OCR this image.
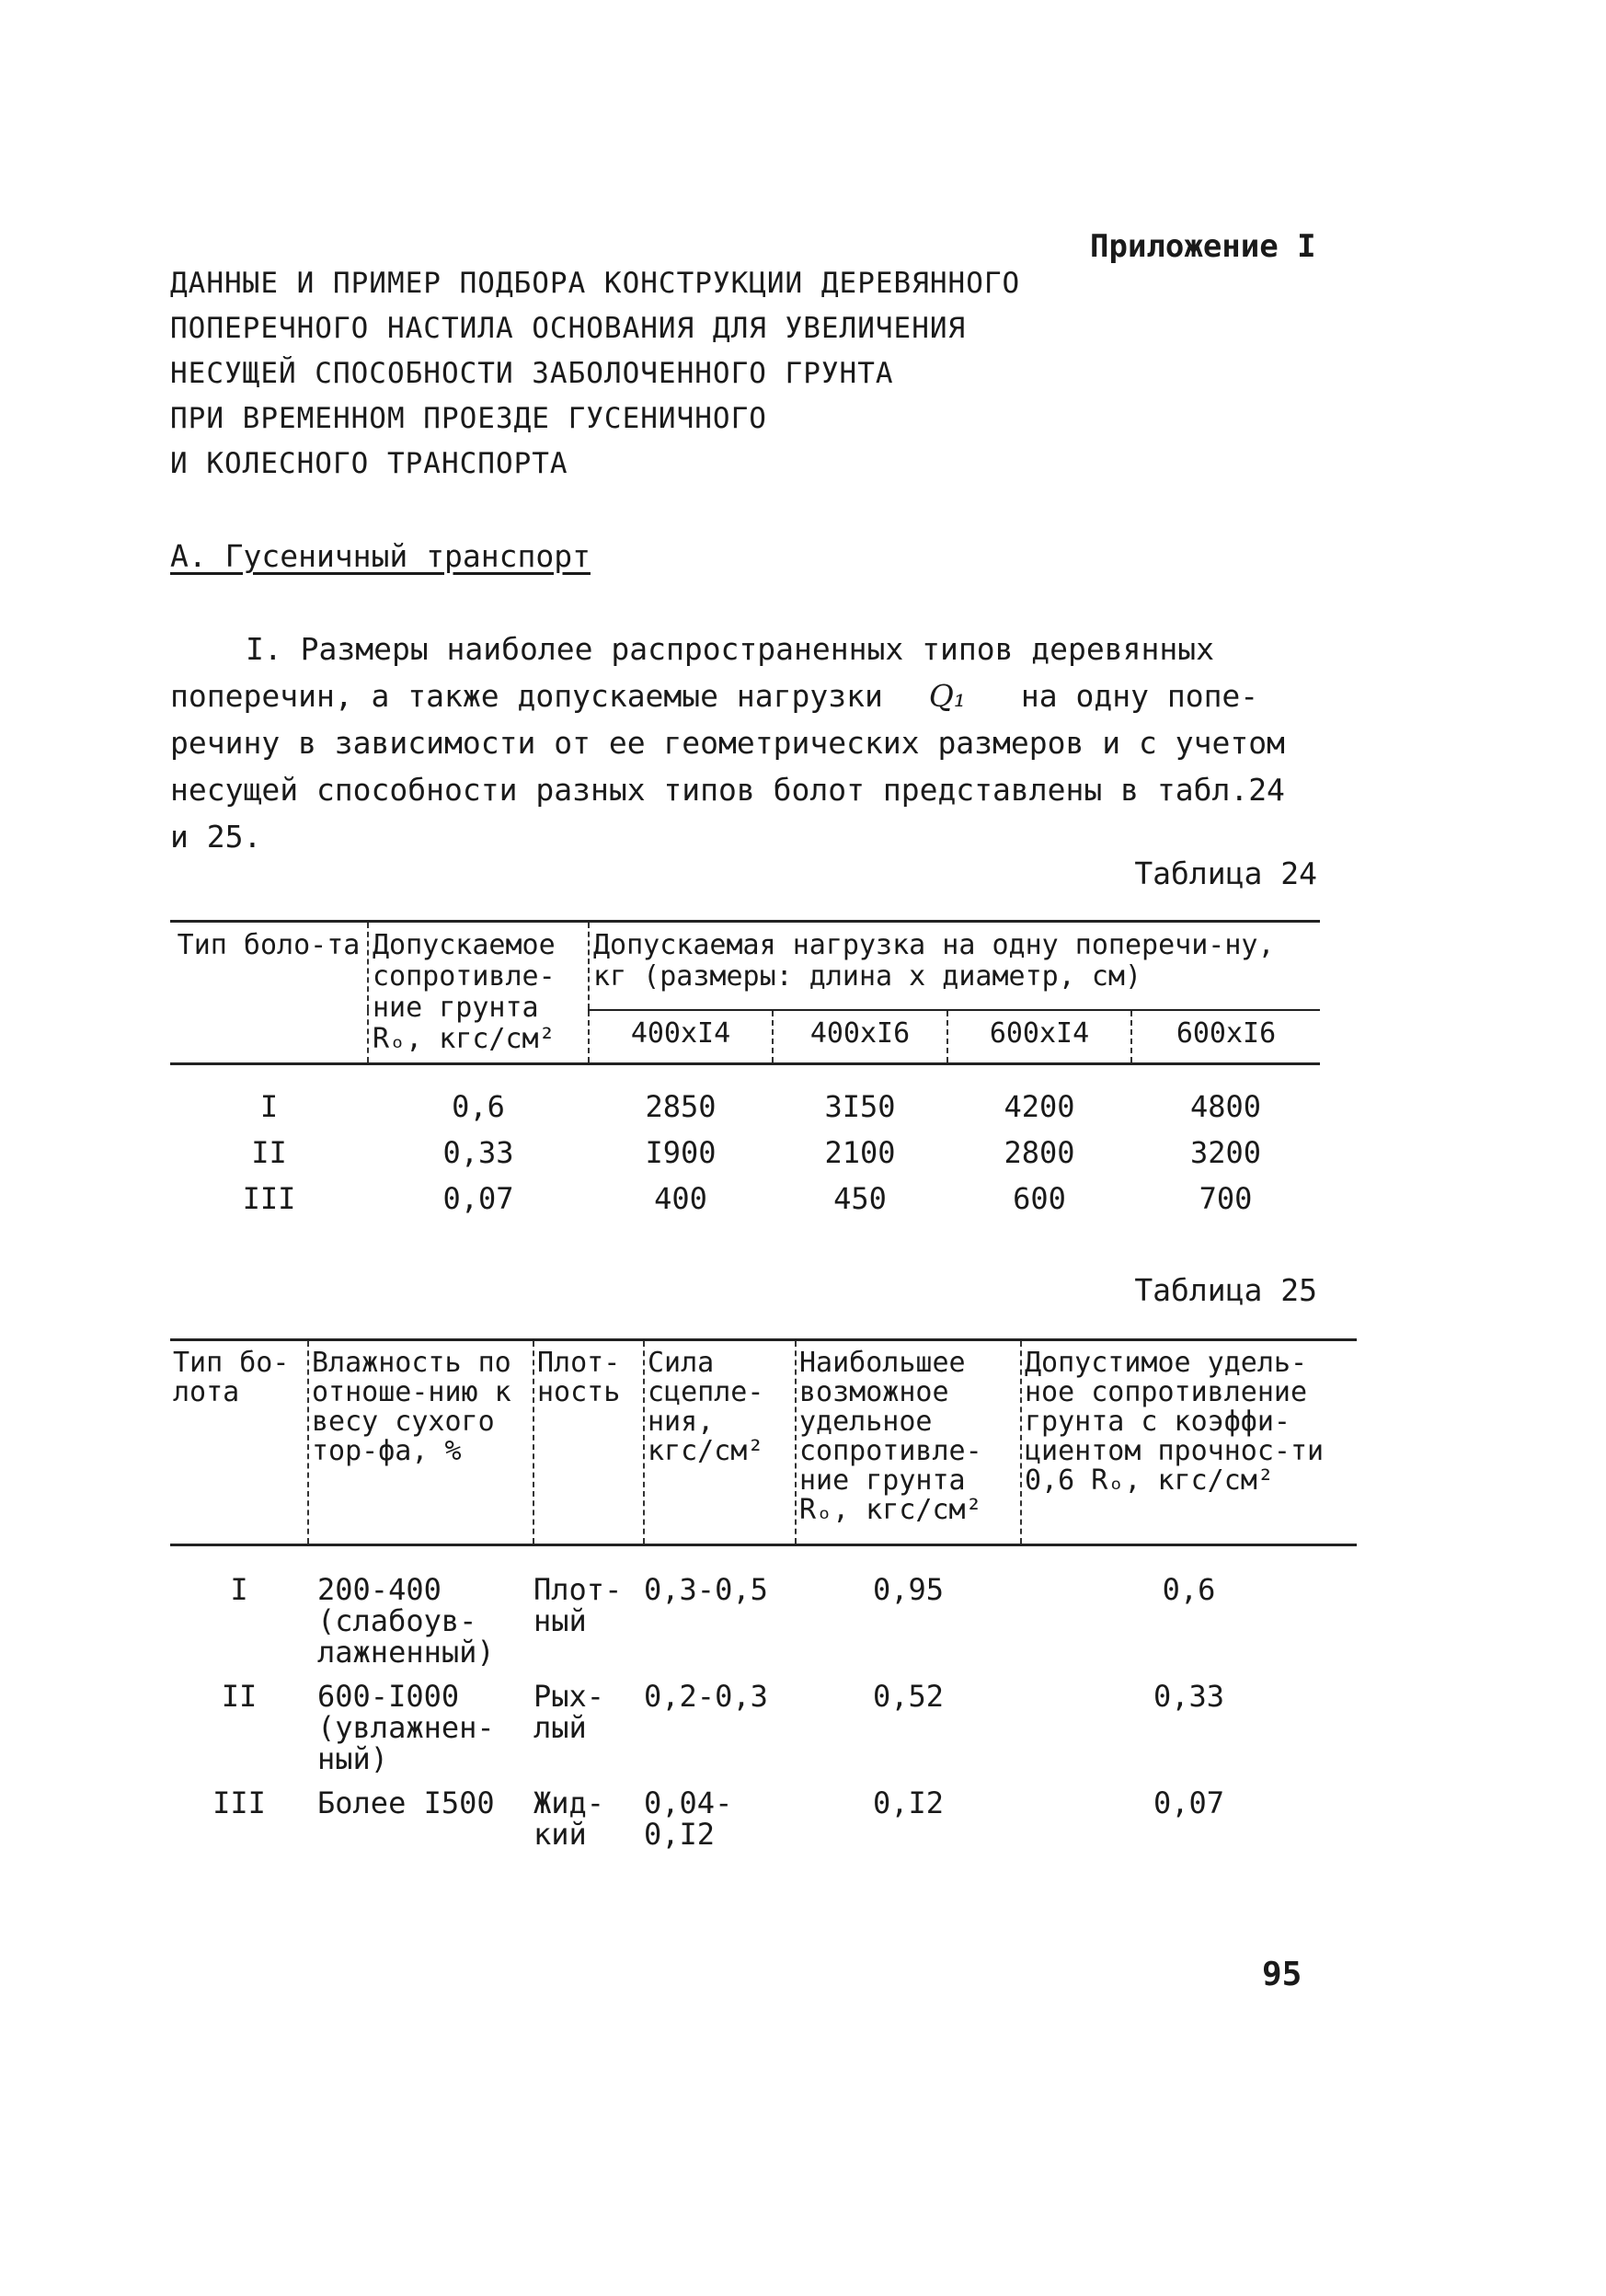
Приложение I
ДАННЫЕ И ПРИМЕР ПОДБОРА КОНСТРУКЦИИ ДЕРЕВЯННОГО
ПОПЕРЕЧНОГО НАСТИЛА ОСНОВАНИЯ ДЛЯ УВЕЛИЧЕНИЯ
НЕСУЩЕЙ СПОСОБНОСТИ ЗАБОЛОЧЕННОГО ГРУНТА
ПРИ ВРЕМЕННОМ ПРОЕЗДЕ ГУСЕНИЧНОГО
И КОЛЕСНОГО ТРАНСПОРТА
А. Гусеничный транспорт
I. Размеры наиболее распространенных типов деревянных
поперечин, а также допускаемые нагрузки Q₁ на одну попе-
речину в зависимости от ее геометрических размеров и с учетом
несущей способности разных типов болот представлены в табл.24
и 25.
Таблица 24
Тип боло-та	Допускаемое сопротивле-ние грунта Rₒ, кгс/см²	Допускаемая нагрузка на одну поперечи-ну, кг (размеры: длина х диаметр, см)			
		400xI4	400xI6	600xI4	600xI6
I	0,6	2850	3I50	4200	4800
II	0,33	I900	2100	2800	3200
III	0,07	400	450	600	700
Таблица 25
Тип бо-лота	Влажность по отноше-нию к весу сухого тор-фа, %	Плот-ность	Сила сцепле-ния, кгс/см²	Наибольшее возможное удельное сопротивле-ние грунта Rₒ, кгс/см²	Допустимое удель-ное сопротивление грунта с коэффи-циентом прочнос-ти 0,6 Rₒ, кгс/см²
I	200-400 (слабоув-лажненный)	Плот-ный	0,3-0,5	0,95	0,6
II	600-I000 (увлажнен-ный)	Рых-лый	0,2-0,3	0,52	0,33
III	Более I500	Жид-кий	0,04-0,I2	0,I2	0,07
95
